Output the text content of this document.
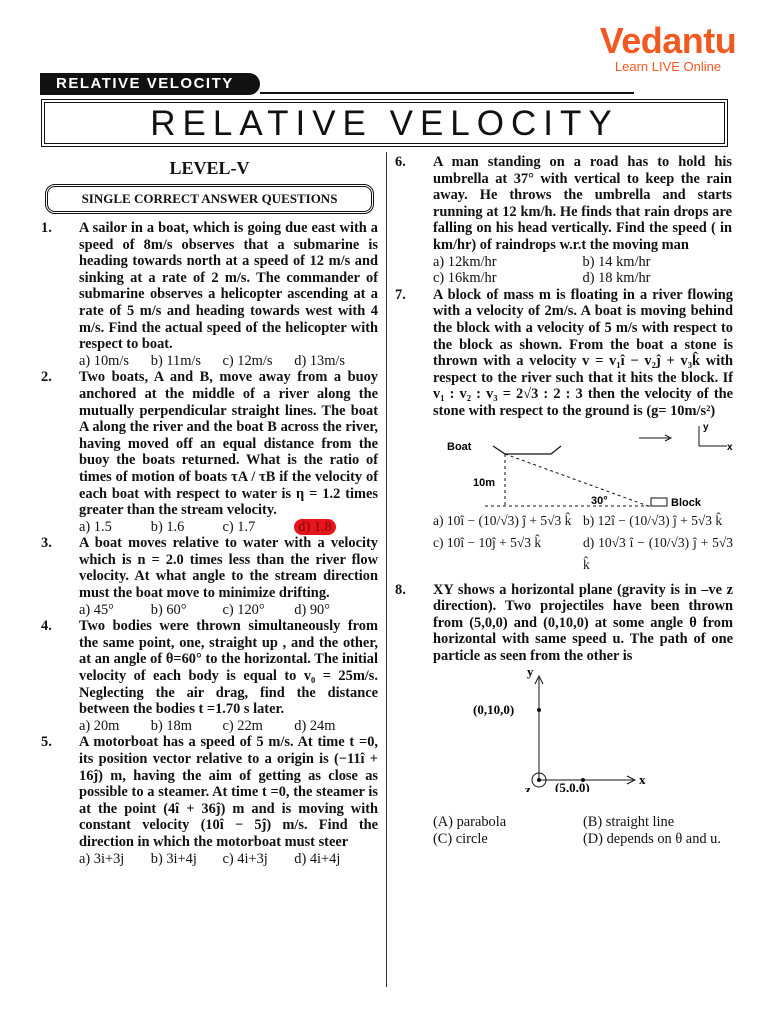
Vedantu
Learn LIVE Online
RELATIVE VELOCITY
RELATIVE VELOCITY
LEVEL-V
SINGLE CORRECT ANSWER QUESTIONS
1.	A sailor in a boat, which is going due east with a speed of 8m/s observes that a submarine is heading towards north at a speed of 12 m/s and sinking at a rate of 2 m/s. The commander of submarine observes a helicopter ascending at a rate of 5 m/s and heading towards west with 4 m/s. Find the actual speed of the helicopter with respect to boat.
a) 10m/s	b) 11m/s	c) 12m/s	d) 13m/s
2.	Two boats, A and B, move away from a buoy anchored at the middle of a river along the mutually perpendicular straight lines. The boat A along the river and the boat B across the river, having moved off an equal distance from the buoy the boats returned. What is the ratio of times of motion of boats τA / τB if the velocity of each boat with respect to water is η = 1.2 times greater than the stream velocity.
a) 1.5	b) 1.6	c) 1.7	d) 1.8
3.	A boat moves relative to water with a velocity which is n = 2.0 times less than the river flow velocity. At what angle to the stream direction must the boat move to minimize drifting.
a) 45°	b) 60°	c) 120°	d) 90°
4.	Two bodies were thrown simultaneously from the same point, one, straight up , and the other, at an angle of θ=60° to the horizontal. The initial velocity of each body is equal to v₀ = 25m/s. Neglecting the air drag, find the distance between the bodies t =1.70 s later.
a) 20m	b) 18m	c) 22m	d) 24m
5.	A motorboat has a speed of 5 m/s. At time t =0, its position vector relative to a origin is (−11î + 16ĵ) m, having the aim of getting as close as possible to a steamer. At time t =0, the steamer is at the point (4î + 36ĵ) m and is moving with constant velocity (10î − 5ĵ) m/s. Find the direction in which the motorboat must steer
a) 3i+3j	b) 3i+4j	c) 4i+3j	d) 4i+4j
6.	A man standing on a road has to hold his umbrella at 37° with vertical to keep the rain away. He throws the umbrella and starts running at 12 km/h. He finds that rain drops are falling on his head vertically. Find the speed ( in km/hr) of raindrops w.r.t the moving man
a) 12km/hr	b) 14 km/hr
c) 16km/hr	d) 18 km/hr
7.	A block of mass m is floating in a river flowing with a velocity of 2m/s. A boat is moving behind the block with a velocity of 5 m/s with respect to the block as shown. From the boat a stone is thrown with a velocity v = v₁î − v₂ĵ + v₃k̂ with respect to the river such that it hits the block. If v₁ : v₂ : v₃ = 2√3 : 2 : 3 then the velocity of the stone with respect to the ground is (g= 10m/s²)
Boat
10m
30°	Block
y
x
a) 10î − (10/√3) ĵ + 5√3 k̂ b) 12î − (10/√3) ĵ + 5√3 k̂
c) 10î − 10ĵ + 5√3 k̂	d) 10√3 î − (10/√3) ĵ + 5√3 k̂
8.	XY shows a horizontal plane (gravity is in –ve z direction). Two projectiles have been thrown from (5,0,0) and (0,10,0) at some angle θ from horizontal with same speed u. The path of one particle as seen from the other is
y
x
z
(0,10,0)
(5,0,0)
(A) parabola	(B) straight line
(C) circle	(D) depends on θ and u.
